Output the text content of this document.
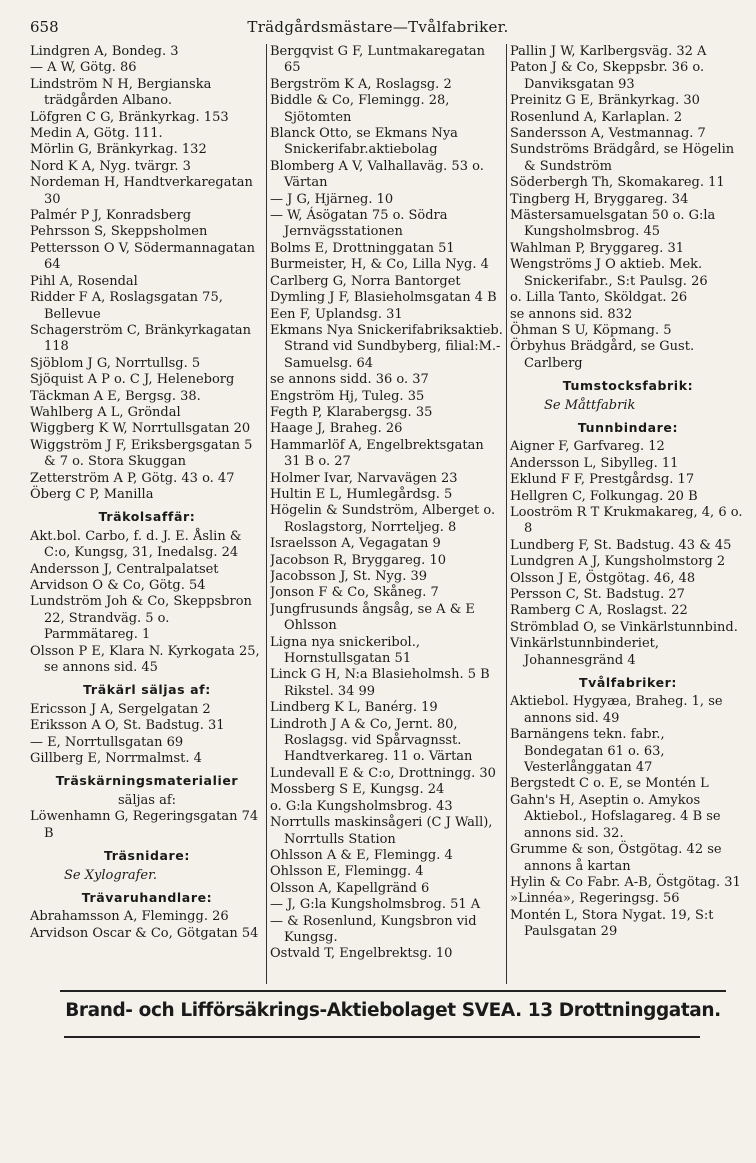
658	Trädgårdsmästare—Tvålfabriker.
Lindgren A, Bondeg. 3
— A W, Götg. 86
Lindström N H, Bergianska trädgården Albano.
Löfgren C G, Bränkyrkag. 153
Medin A, Götg. 111.
Mörlin G, Bränkyrkag. 132
Nord K A, Nyg. tvärgr. 3
Nordeman H, Handtverkaregatan 30
Palmér P J, Konradsberg
Pehrsson S, Skeppsholmen
Pettersson O V, Södermannagatan 64
Pihl A, Rosendal
Ridder F A, Roslagsgatan 75, Bellevue
Schagerström C, Bränkyrkagatan 118
Sjöblom J G, Norrtullsg. 5
Sjöquist A P o. C J, Heleneborg
Täckman A E, Bergsg. 38.
Wahlberg A L, Gröndal
Wiggberg K W, Norrtullsgatan 20
Wiggström J F, Eriksbergsgatan 5 & 7 o. Stora Skuggan
Zetterström A P, Götg. 43 o. 47
Öberg C P, Manilla
Träkolsaffär:
Akt.bol. Carbo, f. d. J. E. Åslin & C:o, Kungsg, 31, Inedalsg. 24
Andersson J, Centralpalatset
Arvidson O & Co, Götg. 54
Lundström Joh & Co, Skeppsbron 22, Strandväg. 5 o. Parmmätareg. 1
Olsson P E, Klara N. Kyrkogata 25, se annons sid. 45
Träkärl säljas af:
Ericsson J A, Sergelgatan 2
Eriksson A O, St. Badstug. 31
— E, Norrtullsgatan 69
Gillberg E, Norrmalmst. 4
Träskärningsmaterialier
säljas af:
Löwenhamn G, Regeringsgatan 74 B
Träsnidare:
Se Xylografer.
Trävaruhandlare:
Abrahamsson A, Flemingg. 26
Arvidson Oscar & Co, Götgatan 54
Bergqvist G F, Luntmakaregatan 65
Bergström K A, Roslagsg. 2
Biddle & Co, Flemingg. 28, Sjötomten
Blanck Otto, se Ekmans Nya Snickerifabr.aktiebolag
Blomberg A V, Valhallaväg. 53 o. Värtan
— J G, Hjärneg. 10
— W, Ásögatan 75 o. Södra Jernvägsstationen
Bolms E, Drottninggatan 51
Burmeister, H, & Co, Lilla Nyg. 4
Carlberg G, Norra Bantorget
Dymling J F, Blasieholmsgatan 4 B
Een F, Uplandsg. 31
Ekmans Nya Snickerifabriksaktieb. Strand vid Sundbyberg, filial:M.-Samuelsg. 64
se annons sidd. 36 o. 37
Engström Hj, Tuleg. 35
Fegth P, Klarabergsg. 35
Haage J, Braheg. 26
Hammarlöf A, Engelbrektsgatan 31 B o. 27
Holmer Ivar, Narvavägen 23
Hultin E L, Humlegårdsg. 5
Högelin & Sundström, Alberget o. Roslagstorg, Norrteljeg. 8
Israelsson A, Vegagatan 9
Jacobson R, Bryggareg. 10
Jacobsson J, St. Nyg. 39
Jonson F & Co, Skåneg. 7
Jungfrusunds ångsåg, se A & E Ohlsson
Ligna nya snickeribol., Hornstullsgatan 51
Linck G H, N:a Blasieholmsh. 5 B Rikstel. 34 99
Lindberg K L, Banérg. 19
Lindroth J A & Co, Jernt. 80, Roslagsg. vid Spårvagnsst. Handtverkareg. 11 o. Värtan
Lundevall E & C:o, Drottningg. 30
Mossberg S E, Kungsg. 24
o. G:la Kungsholmsbrog. 43
Norrtulls maskinsågeri (C J Wall), Norrtulls Station
Ohlsson A & E, Flemingg. 4
Ohlsson E, Flemingg. 4
Olsson A, Kapellgränd 6
— J, G:la Kungsholmsbrog. 51 A
— & Rosenlund, Kungsbron vid Kungsg.
Ostvald T, Engelbrektsg. 10
Pallin J W, Karlbergsväg. 32 A
Paton J & Co, Skeppsbr. 36 o. Danviksgatan 93
Preinitz G E, Bränkyrkag. 30
Rosenlund A, Karlaplan. 2
Sandersson A, Vestmannag. 7
Sundströms Brädgård, se Högelin & Sundström
Söderbergh Th, Skomakareg. 11
Tingberg H, Bryggareg. 34
Mästersamuelsgatan 50 o. G:la Kungsholmsbrog. 45
Wahlman P, Bryggareg. 31
Wengströms J O aktieb. Mek. Snickerifabr., S:t Paulsg. 26
o. Lilla Tanto, Sköldgat. 26
se annons sid. 832
Öhman S U, Köpmang. 5
Örbyhus Brädgård, se Gust. Carlberg
Tumstocksfabrik:
Se Måttfabrik
Tunnbindare:
Aigner F, Garfvareg. 12
Andersson L, Sibylleg. 11
Eklund F F, Prestgårdsg. 17
Hellgren C, Folkungag. 20 B
Looström R T Krukmakareg, 4, 6 o. 8
Lundberg F, St. Badstug. 43 & 45
Lundgren A J, Kungsholmstorg 2
Olsson J E, Östgötag. 46, 48
Persson C, St. Badstug. 27
Ramberg C A, Roslagst. 22
Strömblad O, se Vinkärlstunnbind.
Vinkärlstunnbinderiet, Johannesgränd 4
Tvålfabriker:
Aktiebol. Hygyæa, Braheg. 1, se annons sid. 49
Barnängens tekn. fabr., Bondegatan 61 o. 63, Vesterlånggatan 47
Bergstedt C o. E, se Montén L
Gahn's H, Aseptin o. Amykos Aktiebol., Hofslagareg. 4 B se annons sid. 32.
Grumme & son, Östgötag. 42 se annons å kartan
Hylin & Co Fabr. A-B, Östgötag. 31
»Linnéa», Regeringsg. 56
Montén L, Stora Nygat. 19, S:t Paulsgatan 29
Brand- och Lifförsäkrings-Aktiebolaget SVEA. 13 Drottninggatan.
